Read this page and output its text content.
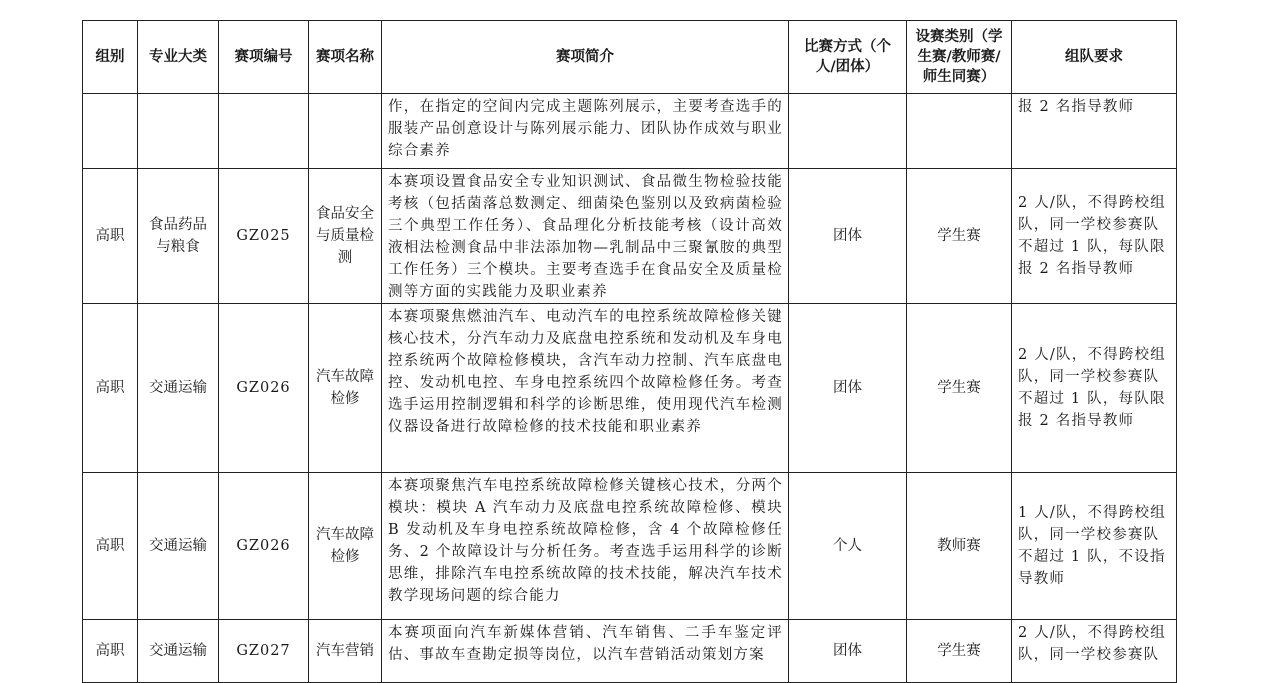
组别	专业大类	赛项编号	赛项名称	赛项简介	比赛方式（个人/团体）	设赛类别（学生赛/教师赛/师生同赛）	组队要求
				作，在指定的空间内完成主题陈列展示，主要考查选手的服装产品创意设计与陈列展示能力、团队协作成效与职业综合素养			报 2 名指导教师
高职	食品药品与粮食	GZ025	食品安全与质量检测	本赛项设置食品安全专业知识测试、食品微生物检验技能考核（包括菌落总数测定、细菌染色鉴别以及致病菌检验三个典型工作任务）、食品理化分析技能考核（设计高效液相法检测食品中非法添加物—乳制品中三聚氰胺的典型工作任务）三个模块。主要考查选手在食品安全及质量检测等方面的实践能力及职业素养	团体	学生赛	2 人/队，不得跨校组队，同一学校参赛队不超过 1 队，每队限报 2 名指导教师
高职	交通运输	GZ026	汽车故障检修	本赛项聚焦燃油汽车、电动汽车的电控系统故障检修关键核心技术，分汽车动力及底盘电控系统和发动机及车身电控系统两个故障检修模块，含汽车动力控制、汽车底盘电控、发动机电控、车身电控系统四个故障检修任务。考查选手运用控制逻辑和科学的诊断思维，使用现代汽车检测仪器设备进行故障检修的技术技能和职业素养	团体	学生赛	2 人/队，不得跨校组队，同一学校参赛队不超过 1 队，每队限报 2 名指导教师
高职	交通运输	GZ026	汽车故障检修	本赛项聚焦汽车电控系统故障检修关键核心技术，分两个模块：模块 A 汽车动力及底盘电控系统故障检修、模块 B 发动机及车身电控系统故障检修，含 4 个故障检修任务、2 个故障设计与分析任务。考查选手运用科学的诊断思维，排除汽车电控系统故障的技术技能，解决汽车技术教学现场问题的综合能力	个人	教师赛	1 人/队，不得跨校组队，同一学校参赛队不超过 1 队，不设指导教师
高职	交通运输	GZ027	汽车营销	本赛项面向汽车新媒体营销、汽车销售、二手车鉴定评估、事故车查勘定损等岗位，以汽车营销活动策划方案	团体	学生赛	2 人/队，不得跨校组队，同一学校参赛队
